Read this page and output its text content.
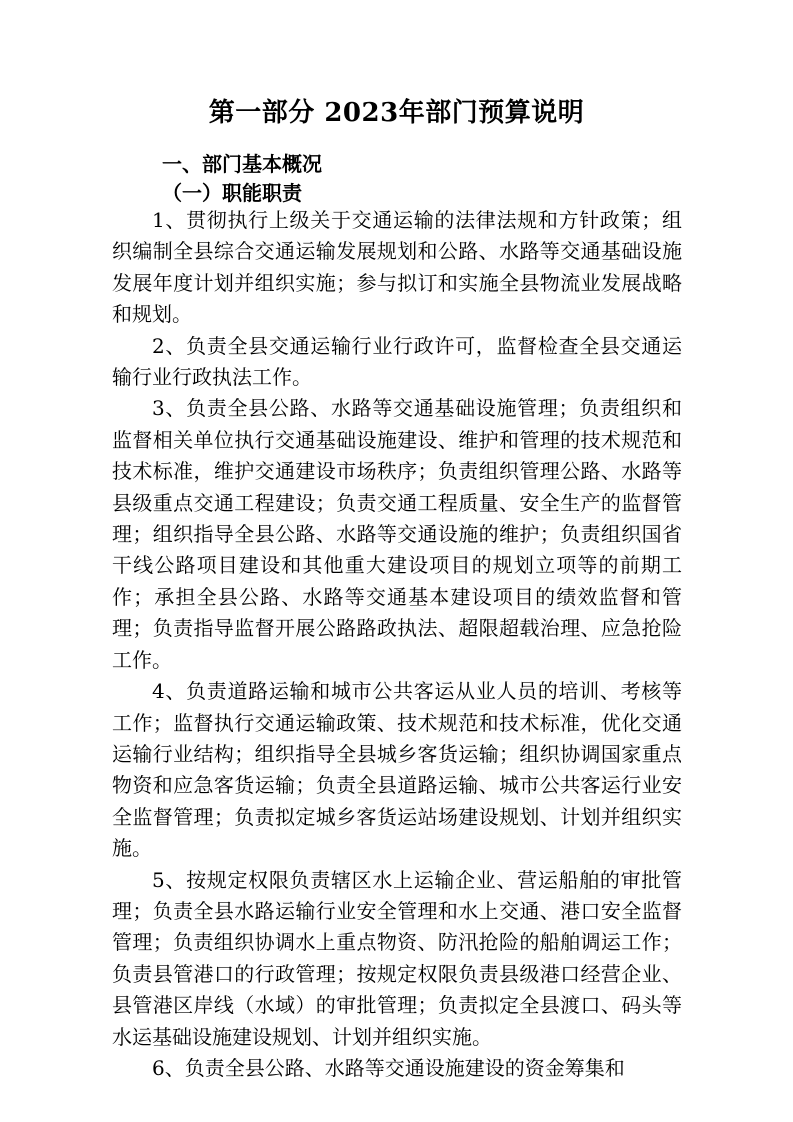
第一部分 2023年部门预算说明
一、部门基本概况
（一）职能职责

1、贯彻执行上级关于交通运输的法律法规和方针政策；组织编制全县综合交通运输发展规划和公路、水路等交通基础设施发展年度计划并组织实施；参与拟订和实施全县物流业发展战略和规划。

2、负责全县交通运输行业行政许可，监督检查全县交通运输行业行政执法工作。

3、负责全县公路、水路等交通基础设施管理；负责组织和监督相关单位执行交通基础设施建设、维护和管理的技术规范和技术标准，维护交通建设市场秩序；负责组织管理公路、水路等县级重点交通工程建设；负责交通工程质量、安全生产的监督管理；组织指导全县公路、水路等交通设施的维护；负责组织国省干线公路项目建设和其他重大建设项目的规划立项等的前期工作；承担全县公路、水路等交通基本建设项目的绩效监督和管理；负责指导监督开展公路路政执法、超限超载治理、应急抢险工作。

4、负责道路运输和城市公共客运从业人员的培训、考核等工作；监督执行交通运输政策、技术规范和技术标准，优化交通运输行业结构；组织指导全县城乡客货运输；组织协调国家重点物资和应急客货运输；负责全县道路运输、城市公共客运行业安全监督管理；负责拟定城乡客货运站场建设规划、计划并组织实施。

5、按规定权限负责辖区水上运输企业、营运船舶的审批管理；负责全县水路运输行业安全管理和水上交通、港口安全监督管理；负责组织协调水上重点物资、防汛抢险的船舶调运工作；负责县管港口的行政管理；按规定权限负责县级港口经营企业、县管港区岸线（水域）的审批管理；负责拟定全县渡口、码头等水运基础设施建设规划、计划并组织实施。

6、负责全县公路、水路等交通设施建设的资金筹集和
